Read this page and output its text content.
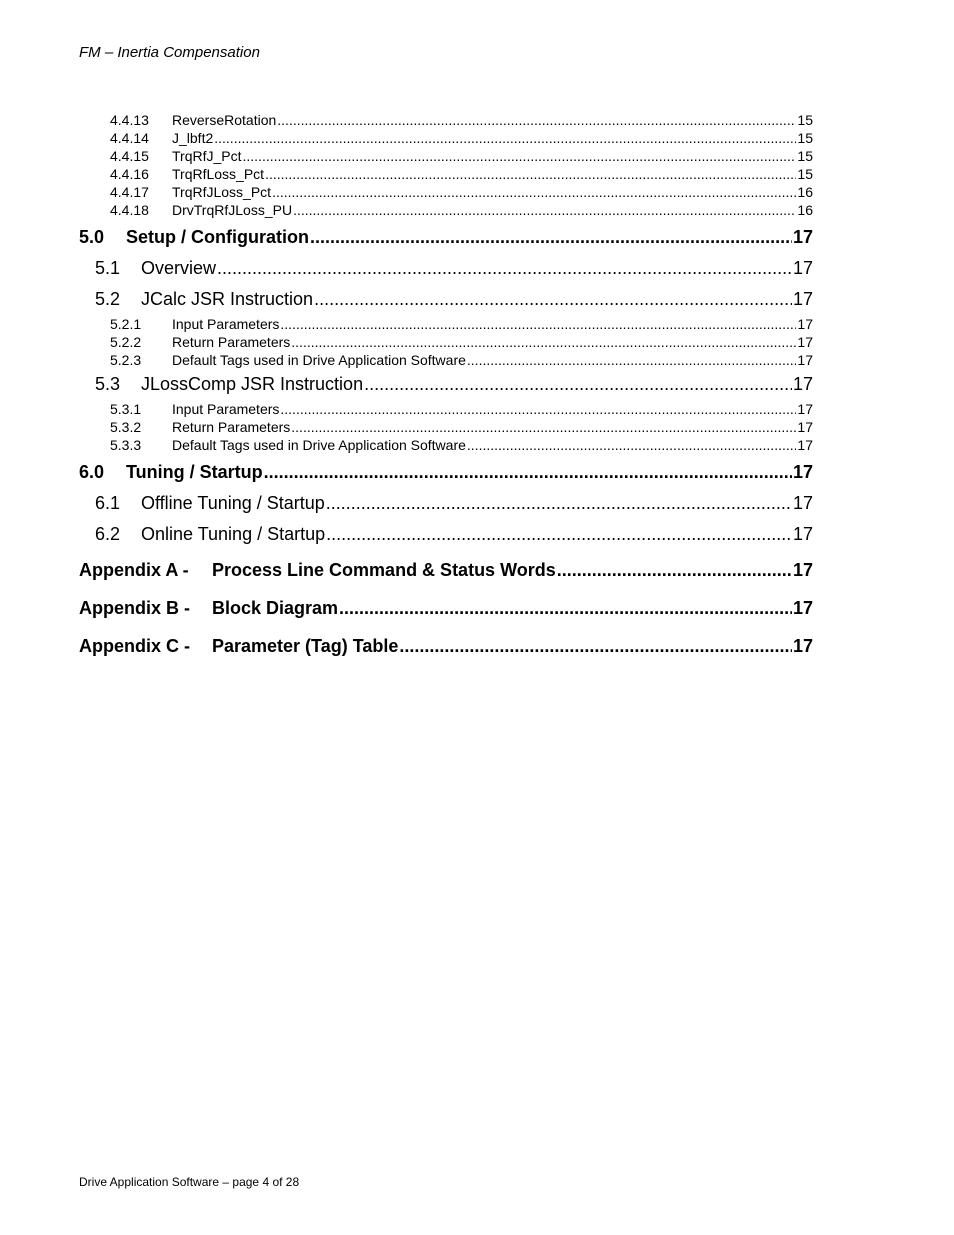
FM – Inertia Compensation
4.4.13	ReverseRotation .....	15
4.4.14	J_lbft2 .....	15
4.4.15	TrqRfJ_Pct .....	15
4.4.16	TrqRfLoss_Pct .....	15
4.4.17	TrqRfJLoss_Pct .....	16
4.4.18	DrvTrqRfJLoss_PU .....	16
5.0	Setup / Configuration .....	17
5.1	Overview .....	17
5.2	JCalc JSR Instruction .....	17
5.2.1	Input Parameters .....	17
5.2.2	Return Parameters .....	17
5.2.3	Default Tags used in Drive Application Software .....	17
5.3	JLossComp JSR Instruction .....	17
5.3.1	Input Parameters .....	17
5.3.2	Return Parameters .....	17
5.3.3	Default Tags used in Drive Application Software .....	17
6.0	Tuning / Startup .....	17
6.1	Offline Tuning / Startup .....	17
6.2	Online Tuning / Startup .....	17
Appendix A -	Process Line Command & Status Words .....	17
Appendix B -	Block Diagram .....	17
Appendix C -	Parameter (Tag) Table .....	17
Drive Application Software – page 4 of 28
